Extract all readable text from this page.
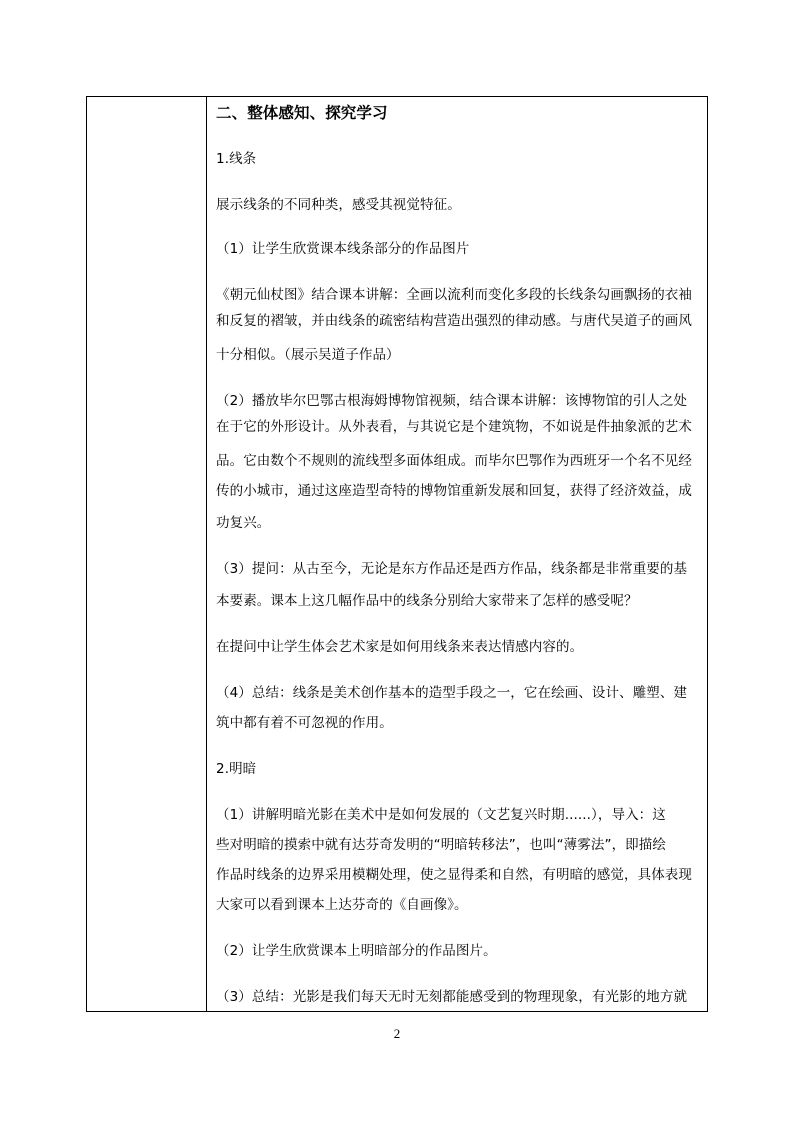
二、整体感知、探究学习
1.线条
展示线条的不同种类，感受其视觉特征。
（1）让学生欣赏课本线条部分的作品图片
《朝元仙杖图》结合课本讲解：全画以流利而变化多段的长线条勾画飘扬的衣袖
和反复的褶皱，并由线条的疏密结构营造出强烈的律动感。与唐代吴道子的画风
十分相似。（展示吴道子作品）
（2）播放毕尔巴鄂古根海姆博物馆视频，结合课本讲解：该博物馆的引人之处
在于它的外形设计。从外表看，与其说它是个建筑物，不如说是件抽象派的艺术
品。它由数个不规则的流线型多面体组成。而毕尔巴鄂作为西班牙一个名不见经
传的小城市，通过这座造型奇特的博物馆重新发展和回复，获得了经济效益，成
功复兴。
（3）提问：从古至今，无论是东方作品还是西方作品，线条都是非常重要的基
本要素。课本上这几幅作品中的线条分别给大家带来了怎样的感受呢？
在提问中让学生体会艺术家是如何用线条来表达情感内容的。
（4）总结：线条是美术创作基本的造型手段之一，它在绘画、设计、雕塑、建
筑中都有着不可忽视的作用。
2.明暗
（1）讲解明暗光影在美术中是如何发展的（文艺复兴时期......），导入：这
些对明暗的摸索中就有达芬奇发明的“明暗转移法”，也叫“薄雾法”，即描绘
作品时线条的边界采用模糊处理，使之显得柔和自然，有明暗的感觉，具体表现
大家可以看到课本上达芬奇的《自画像》。
（2）让学生欣赏课本上明暗部分的作品图片。
（3）总结：光影是我们每天无时无刻都能感受到的物理现象，有光影的地方就
2
